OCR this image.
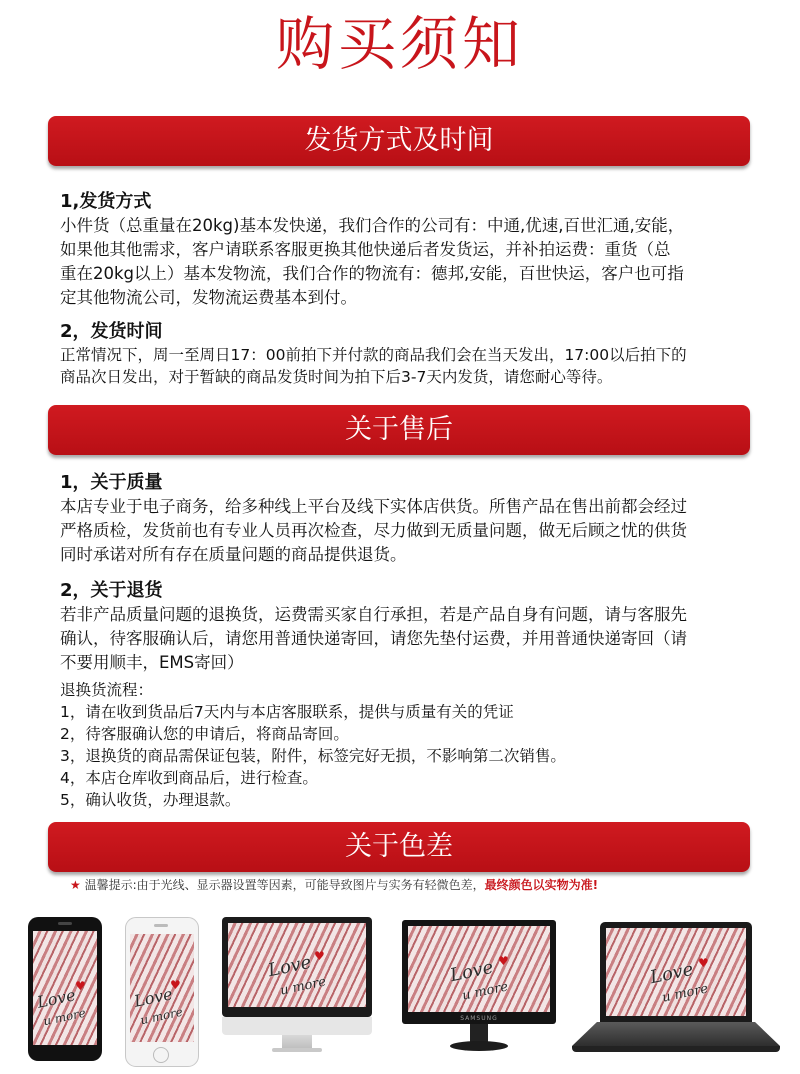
购买须知
发货方式及时间

1,发货方式

小件货（总重量在20kg)基本发快递，我们合作的公司有：中通,优速,百世汇通,安能，

如果他其他需求，客户请联系客服更换其他快递后者发货运，并补拍运费：重货（总

重在20kg以上）基本发物流，我们合作的物流有：德邦,安能，百世快运，客户也可指

定其他物流公司，发物流运费基本到付。

2，发货时间

正常情况下，周一至周日17：00前拍下并付款的商品我们会在当天发出，17:00以后拍下的

商品次日发出，对于暂缺的商品发货时间为拍下后3-7天内发货，请您耐心等待。

关于售后

1，关于质量

本店专业于电子商务，给多种线上平台及线下实体店供货。所售产品在售出前都会经过

严格质检，发货前也有专业人员再次检查，尽力做到无质量问题，做无后顾之忧的供货

同时承诺对所有存在质量问题的商品提供退货。

2，关于退货

若非产品质量问题的退换货，运费需买家自行承担，若是产品自身有问题，请与客服先

确认，待客服确认后，请您用普通快递寄回，请您先垫付运费，并用普通快递寄回（请

不要用顺丰，EMS寄回）

退换货流程：

1，请在收到货品后7天内与本店客服联系，提供与质量有关的凭证

2，待客服确认您的申请后，将商品寄回。

3，退换货的商品需保证包装，附件，标签完好无损，不影响第二次销售。

4，本店仓库收到商品后，进行检查。

5，确认收货，办理退款。

关于色差
★ 温馨提示:由于光线、显示器设置等因素，可能导致图片与实务有轻微色差，最终颜色以实物为准!
Love
u more
♥	Love
u more
♥
Love
u more
♥
Love
u more
♥
SAMSUNG
Love
u more
♥
